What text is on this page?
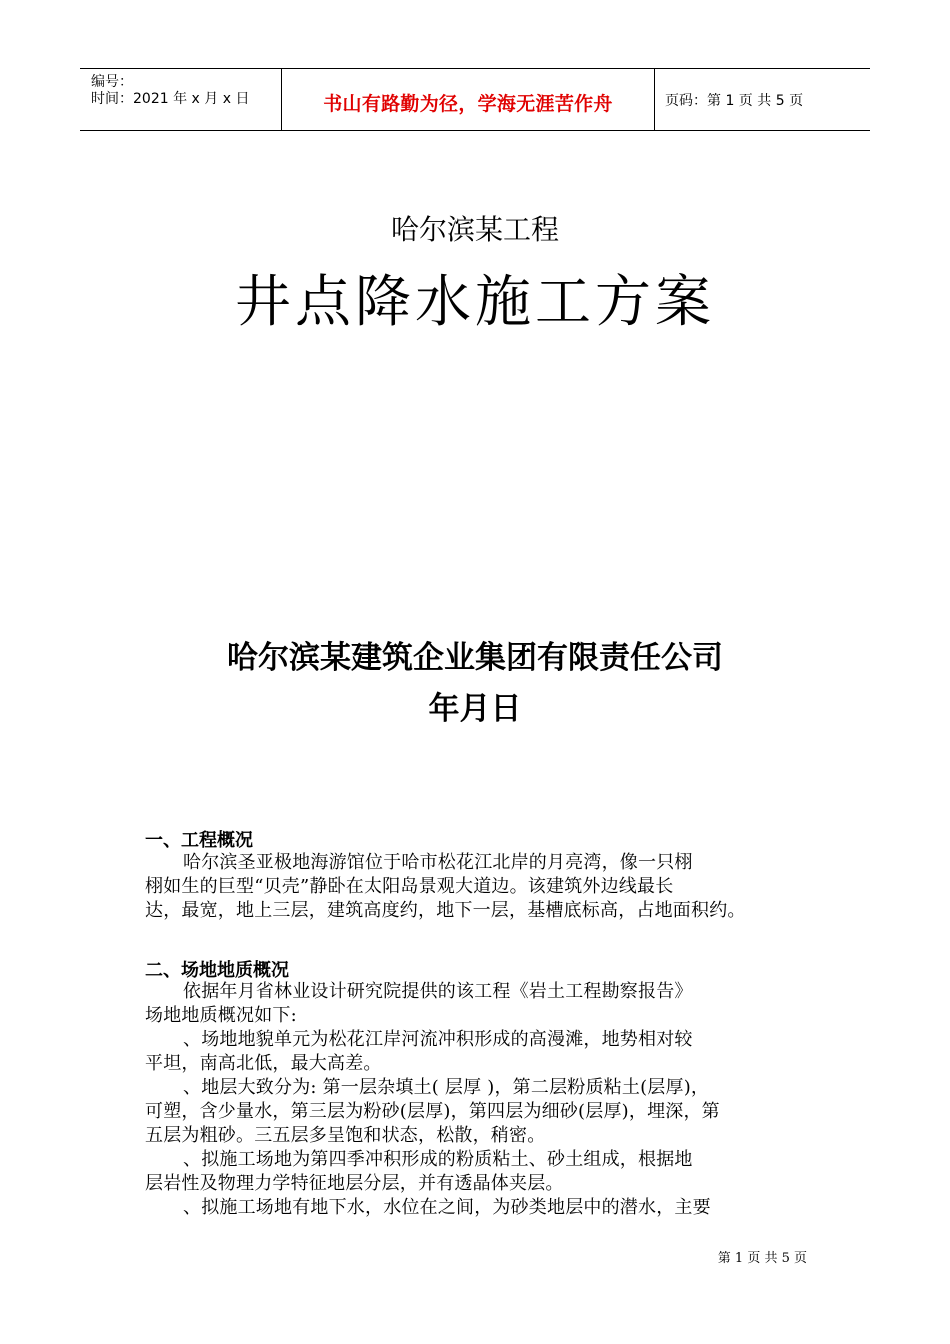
编号：
时间：2021 年 x 月 x 日	书山有路勤为径，学海无涯苦作舟	页码：第 1 页 共 5 页
哈尔滨某工程
井点降水施工方案
哈尔滨某建筑企业集团有限责任公司
年月日
一、工程概况
哈尔滨圣亚极地海游馆位于哈市松花江北岸的月亮湾，像一只栩
栩如生的巨型“贝壳”静卧在太阳岛景观大道边。该建筑外边线最长
达，最宽，地上三层，建筑高度约，地下一层，基槽底标高，占地面积约。
二、场地地质概况
依据年月省林业设计研究院提供的该工程《岩土工程勘察报告》
场地地质概况如下:
、场地地貌单元为松花江岸河流冲积形成的高漫滩，地势相对较
平坦，南高北低，最大高差。
、地层大致分为: 第一层杂填土( 层厚 )，第二层粉质粘土(层厚)，
可塑，含少量水，第三层为粉砂(层厚)，第四层为细砂(层厚)，埋深，第
五层为粗砂。三五层多呈饱和状态，松散，稍密。
、拟施工场地为第四季冲积形成的粉质粘土、砂土组成，根据地
层岩性及物理力学特征地层分层，并有透晶体夹层。
、拟施工场地有地下水，水位在之间，为砂类地层中的潜水，主要
第 1 页 共 5 页
